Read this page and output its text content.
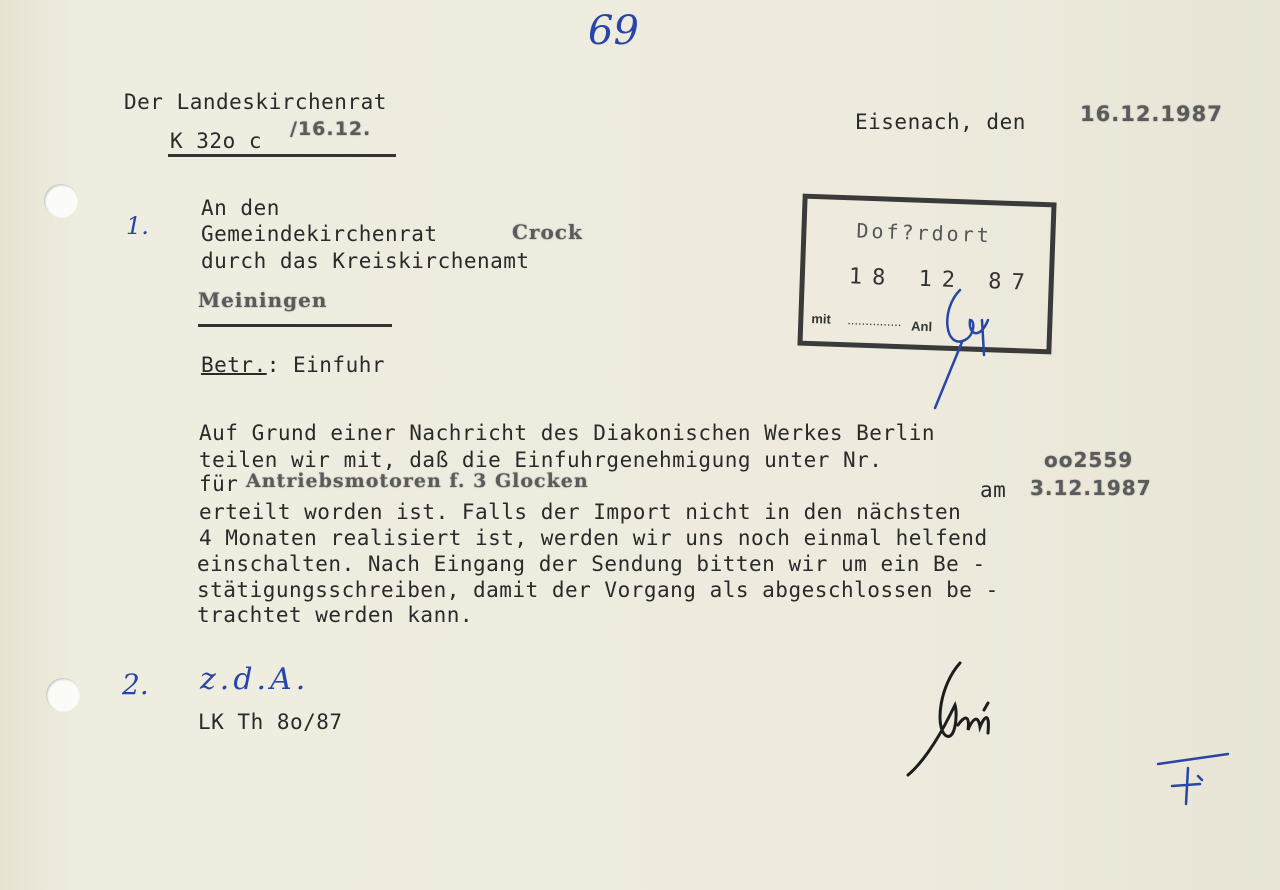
69
Der Landeskirchenrat
K 32o c /16.12.	Eisenach, den	16.12.1987
1.
An den
Gemeindekirchenrat	Crock
durch das Kreiskirchenamt
Meiningen
Betr.: Einfuhr
Auf Grund einer Nachricht des Diakonischen Werkes Berlin
teilen wir mit, daß die Einfuhrgenehmigung unter Nr.	oo2559
für Antriebsmotoren f. 3 Glocken	am 3.12.1987
erteilt worden ist. Falls der Import nicht in den nächsten
4 Monaten realisiert ist, werden wir uns noch einmal helfend
einschalten. Nach Eingang der Sendung bitten wir um ein Be -
stätigungsschreiben, damit der Vorgang als abgeschlossen be -
trachtet werden kann.
Dof?rdort
18 12 87
mit ............... Anl
2. z.d.A.
LK Th 8o/87
